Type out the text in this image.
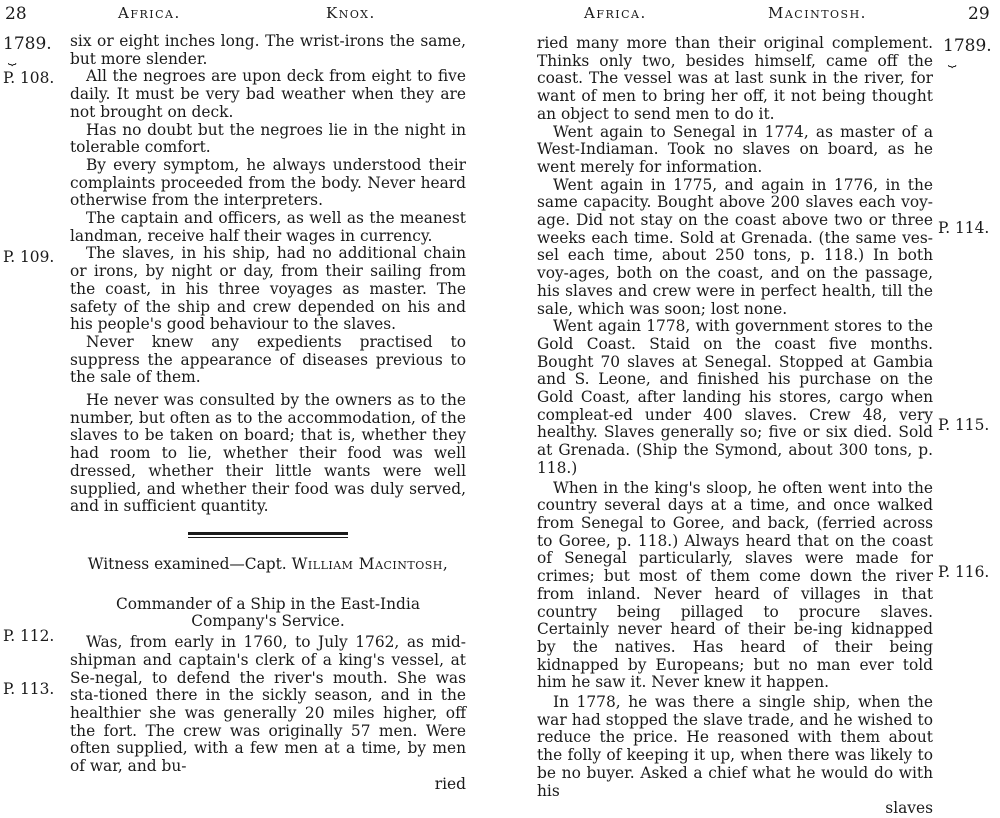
28	Africa.	Knox.
1789.
⏟
P. 108.
P. 109.
P. 112.
P. 113.

six or eight inches long. The wrist-irons the same, but more slender.

All the negroes are upon deck from eight to five daily. It must be very bad weather when they are not brought on deck.

Has no doubt but the negroes lie in the night in tolerable comfort.

By every symptom, he always understood their complaints proceeded from the body. Never heard otherwise from the interpreters.

The captain and officers, as well as the meanest landman, receive half their wages in currency.

The slaves, in his ship, had no additional chain or irons, by night or day, from their sailing from the coast, in his three voyages as master. The safety of the ship and crew depended on his and his people's good behaviour to the slaves.

Never knew any expedients practised to suppress the appearance of diseases previous to the sale of them.

He never was consulted by the owners as to the number, but often as to the accommodation, of the slaves to be taken on board; that is, whether they had room to lie, whether their food was well dressed, whether their little wants were well supplied, and whether their food was duly served, and in sufficient quantity.

Witness examined—Capt. William Macintosh,

Commander of a Ship in the East-India Company's Service.

Was, from early in 1760, to July 1762, as mid-shipman and captain's clerk of a king's vessel, at Se-negal, to defend the river's mouth. She was sta-tioned there in the sickly season, and in the healthier she was generally 20 miles higher, off the fort. The crew was originally 57 men. Were often supplied, with a few men at a time, by men of war, and bu-

ried

Africa.	Macintosh.	29
1789.
⏟
P. 114.
P. 115.
P. 116.

ried many more than their original complement. Thinks only two, besides himself, came off the coast. The vessel was at last sunk in the river, for want of men to bring her off, it not being thought an object to send men to do it.

Went again to Senegal in 1774, as master of a West-Indiaman. Took no slaves on board, as he went merely for information.

Went again in 1775, and again in 1776, in the same capacity. Bought above 200 slaves each voy-age. Did not stay on the coast above two or three weeks each time. Sold at Grenada. (the same ves-sel each time, about 250 tons, p. 118.) In both voy-ages, both on the coast, and on the passage, his slaves and crew were in perfect health, till the sale, which was soon; lost none.

Went again 1778, with government stores to the Gold Coast. Staid on the coast five months. Bought 70 slaves at Senegal. Stopped at Gambia and S. Leone, and finished his purchase on the Gold Coast, after landing his stores, cargo when compleat-ed under 400 slaves. Crew 48, very healthy. Slaves generally so; five or six died. Sold at Grenada. (Ship the Symond, about 300 tons, p. 118.)

When in the king's sloop, he often went into the country several days at a time, and once walked from Senegal to Goree, and back, (ferried across to Goree, p. 118.) Always heard that on the coast of Senegal particularly, slaves were made for crimes; but most of them come down the river from inland. Never heard of villages in that country being pillaged to procure slaves. Certainly never heard of their be-ing kidnapped by the natives. Has heard of their being kidnapped by Europeans; but no man ever told him he saw it. Never knew it happen.

In 1778, he was there a single ship, when the war had stopped the slave trade, and he wished to reduce the price. He reasoned with them about the folly of keeping it up, when there was likely to be no buyer. Asked a chief what he would do with his

slaves
